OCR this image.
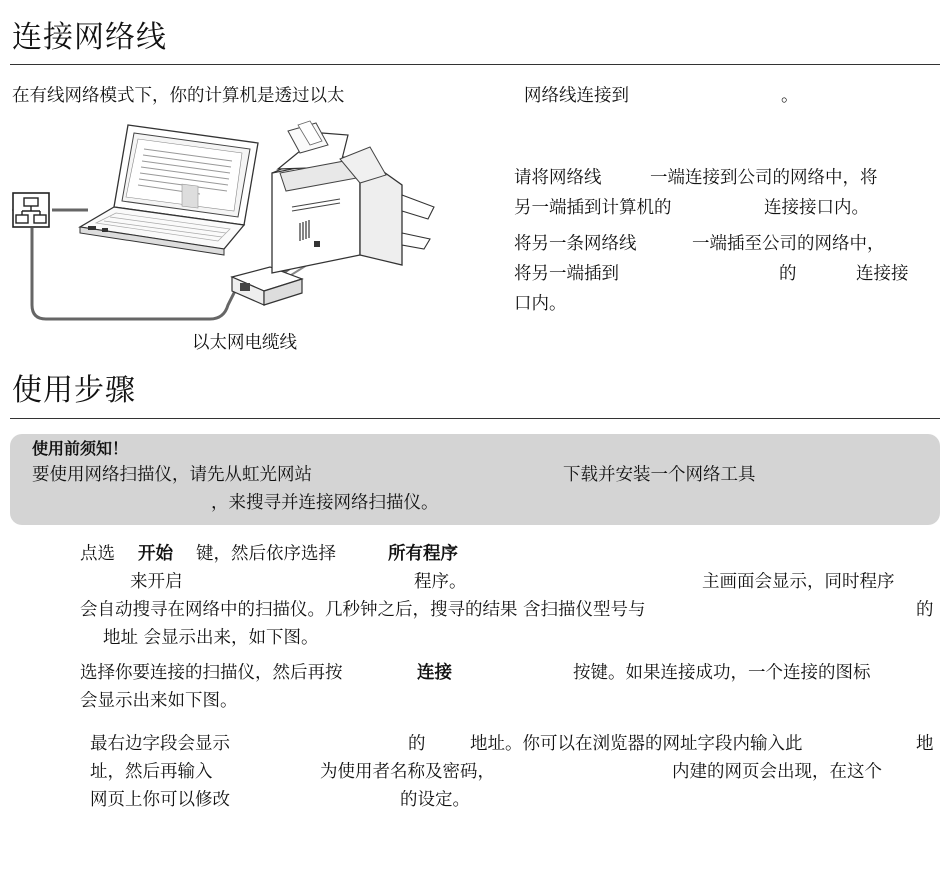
连接网络线
在有线网络模式下，你的计算机是透过以太	网络线连接到	。
以太网电缆线
请将网络线	一端连接到公司的网络中，将
另一端插到计算机的	连接接口内。
将另一条网络线	一端插至公司的网络中，
将另一端插到	的	连接接
口内。
使用步骤
使用前须知！
要使用网络扫描仪，请先从虹光网站	下载并安装一个网络工具
，来搜寻并连接网络扫描仪。
点选 开始 键，然后依序选择	所有程序
来开启	程序。	主画面会显示，同时程序
会自动搜寻在网络中的扫描仪。几秒钟之后，搜寻的结果 含扫描仪型号与	的
地址 会显示出来，如下图。
选择你要连接的扫描仪，然后再按	连接	按键。如果连接成功，一个连接的图标
会显示出来如下图。
最右边字段会显示	的	地址。你可以在浏览器的网址字段内输入此	地
址，然后再输入	为使用者名称及密码，	内建的网页会出现，在这个
网页上你可以修改	的设定。
